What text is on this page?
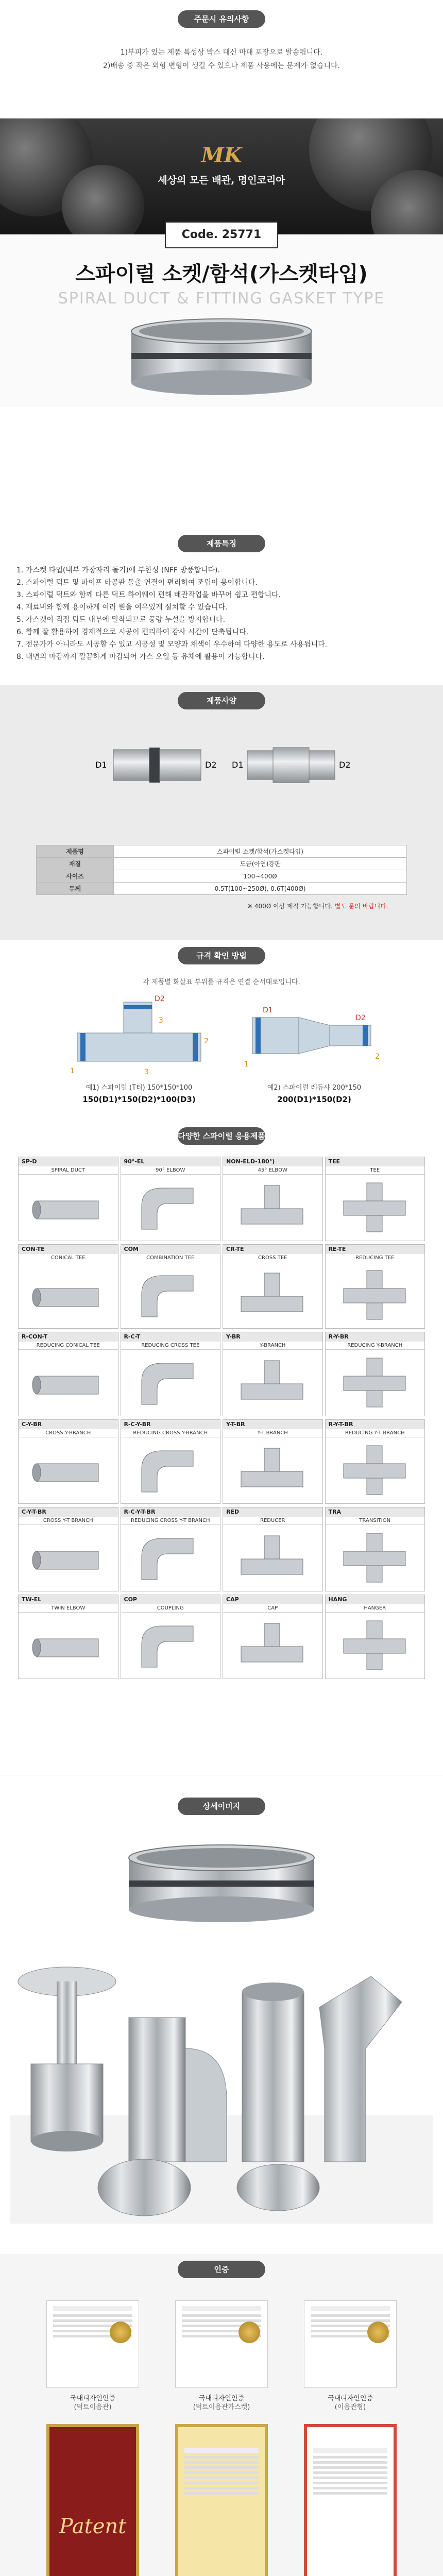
주문시 유의사항
1)부피가 있는 제품 특성상 박스 대신 마대 포장으로 발송됩니다.
2)배송 중 작은 외형 변형이 생길 수 있으나 제품 사용에는 문제가 없습니다.
MK
세상의 모든 배관, 명인코리아
Code. 25771
스파이럴 소켓/함석(가스켓타입)
SPIRAL DUCT & FITTING GASKET TYPE
제품특징
1. 가스켓 타입(내부 가장자리 돌기)에 부한성 (NFF 방풍합니다).
2. 스파이럴 덕트 및 파이프 타공판 돌출 연결이 편리하여 조립이 용이합니다.
3. 스파이럴 덕트와 함께 다른 덕트 하이웨이 편해 배관작업을 바꾸어 쉽고 편합니다.
4. 재료비와 함께 용이하게 여러 원을 여유있게 설치할 수 있습니다.
5. 가스켓이 직접 덕트 내부에 밀착되므로 풍량 누설을 방지합니다.
6. 함께 잘 활용하여 경제적으로 시공이 편리하여 감사 시간이 단축됩니다.
7. 전문가가 아니라도 시공할 수 있고 시공성 및 모양과 채색이 우수하여 다양한 용도로 사용됩니다.
8. 내면의 마감까지 깔끔하게 마감되어 가스 오일 등 유체에 활용이 가능합니다.
제품사양
D1	D2 D1	D2
제품명	스파이럴 소켓/함석(가스켓타입)
재질	도금(아연)강판
사이즈	100~400Ø
두께	0.5T(100~250Ø), 0.6T(400Ø)
※ 400Ø 이상 제작 가능합니다. 별도 문의 바랍니다.
규격 확인 방법
각 제품별 화살표 부위를 규격은 연결 순서대로입니다.
D2
3
1
2
3
예1) 스파이럴 (T티) 150*150*100
150(D1)*150(D2)*100(D3)
D1
D2
1
2
예2) 스파이럴 레듀샤 200*150
200(D1)*150(D2)
다양한 스파이럴 응용제품
SP-D
SPIRAL DUCT
90°-EL
90° ELBOW
NON-ELD-180°)
45° ELBOW
TEE
TEE
CON-TE
CONICAL TEE
COM
COMBINATION TEE
CR-TE
CROSS TEE
RE-TE
REDUCING TEE
R-CON-T
REDUCING CONICAL TEE
R-C-T
REDUCING CROSS TEE
Y-BR
Y-BRANCH
R-Y-BR
REDUCING Y-BRANCH
C-Y-BR
CROSS Y-BRANCH
R-C-Y-BR
REDUCING CROSS Y-BRANCH
Y-T-BR
Y-T BRANCH
R-Y-T-BR
REDUCING Y-T BRANCH
C-Y-T-BR
CROSS Y-T BRANCH
R-C-Y-T-BR
REDUCING CROSS Y-T BRANCH
RED
REDUCER
TRA
TRANSITION
TW-EL
TWIN ELBOW
COP
COUPLING
CAP
CAP
HANG
HANGER
상세이미지
인증
국내디자인인증
(덕트이음관)
국내디자인인증
(덕트이음관가스켓)
국내디자인인증
(이음관형)
Patent
